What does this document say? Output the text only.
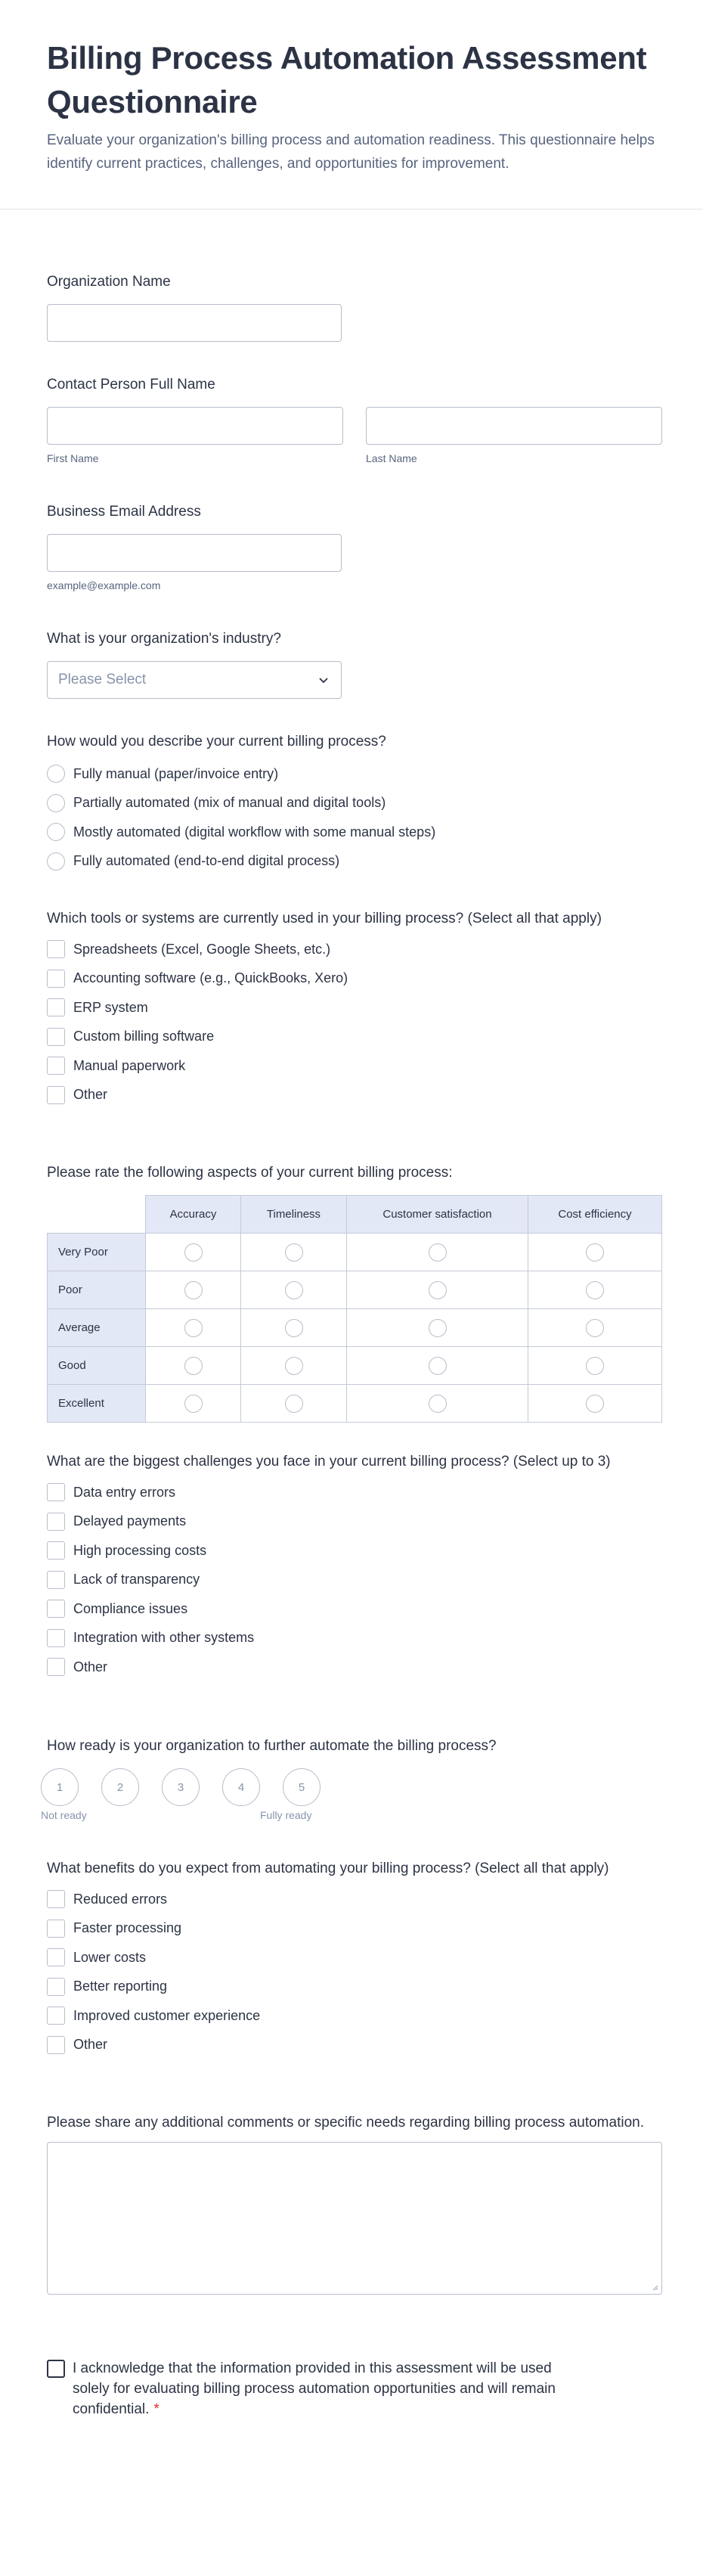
Billing Process Automation Assessment Questionnaire

Evaluate your organization's billing process and automation readiness. This questionnaire helps identify current practices, challenges, and opportunities for improvement.

Organization Name
Contact Person Full Name
First Name	Last Name
Business Email Address
example@example.com
What is your organization's industry?
Please Select
How would you describe your current billing process?
Fully manual (paper/invoice entry)
Partially automated (mix of manual and digital tools)
Mostly automated (digital workflow with some manual steps)
Fully automated (end-to-end digital process)
Which tools or systems are currently used in your billing process? (Select all that apply)
Spreadsheets (Excel, Google Sheets, etc.)
Accounting software (e.g., QuickBooks, Xero)
ERP system
Custom billing software
Manual paperwork
Other
Please rate the following aspects of your current billing process:
	Accuracy	Timeliness	Customer satisfaction	Cost efficiency
Very Poor				
Poor				
Average				
Good				
Excellent				
What are the biggest challenges you face in your current billing process? (Select up to 3)
Data entry errors
Delayed payments
High processing costs
Lack of transparency
Compliance issues
Integration with other systems
Other
How ready is your organization to further automate the billing process?
1	2	3	4	5
Not ready	Fully ready
What benefits do you expect from automating your billing process? (Select all that apply)
Reduced errors
Faster processing
Lower costs
Better reporting
Improved customer experience
Other
Please share any additional comments or specific needs regarding billing process automation.
I acknowledge that the information provided in this assessment will be used solely for evaluating billing process automation opportunities and will remain confidential. *
